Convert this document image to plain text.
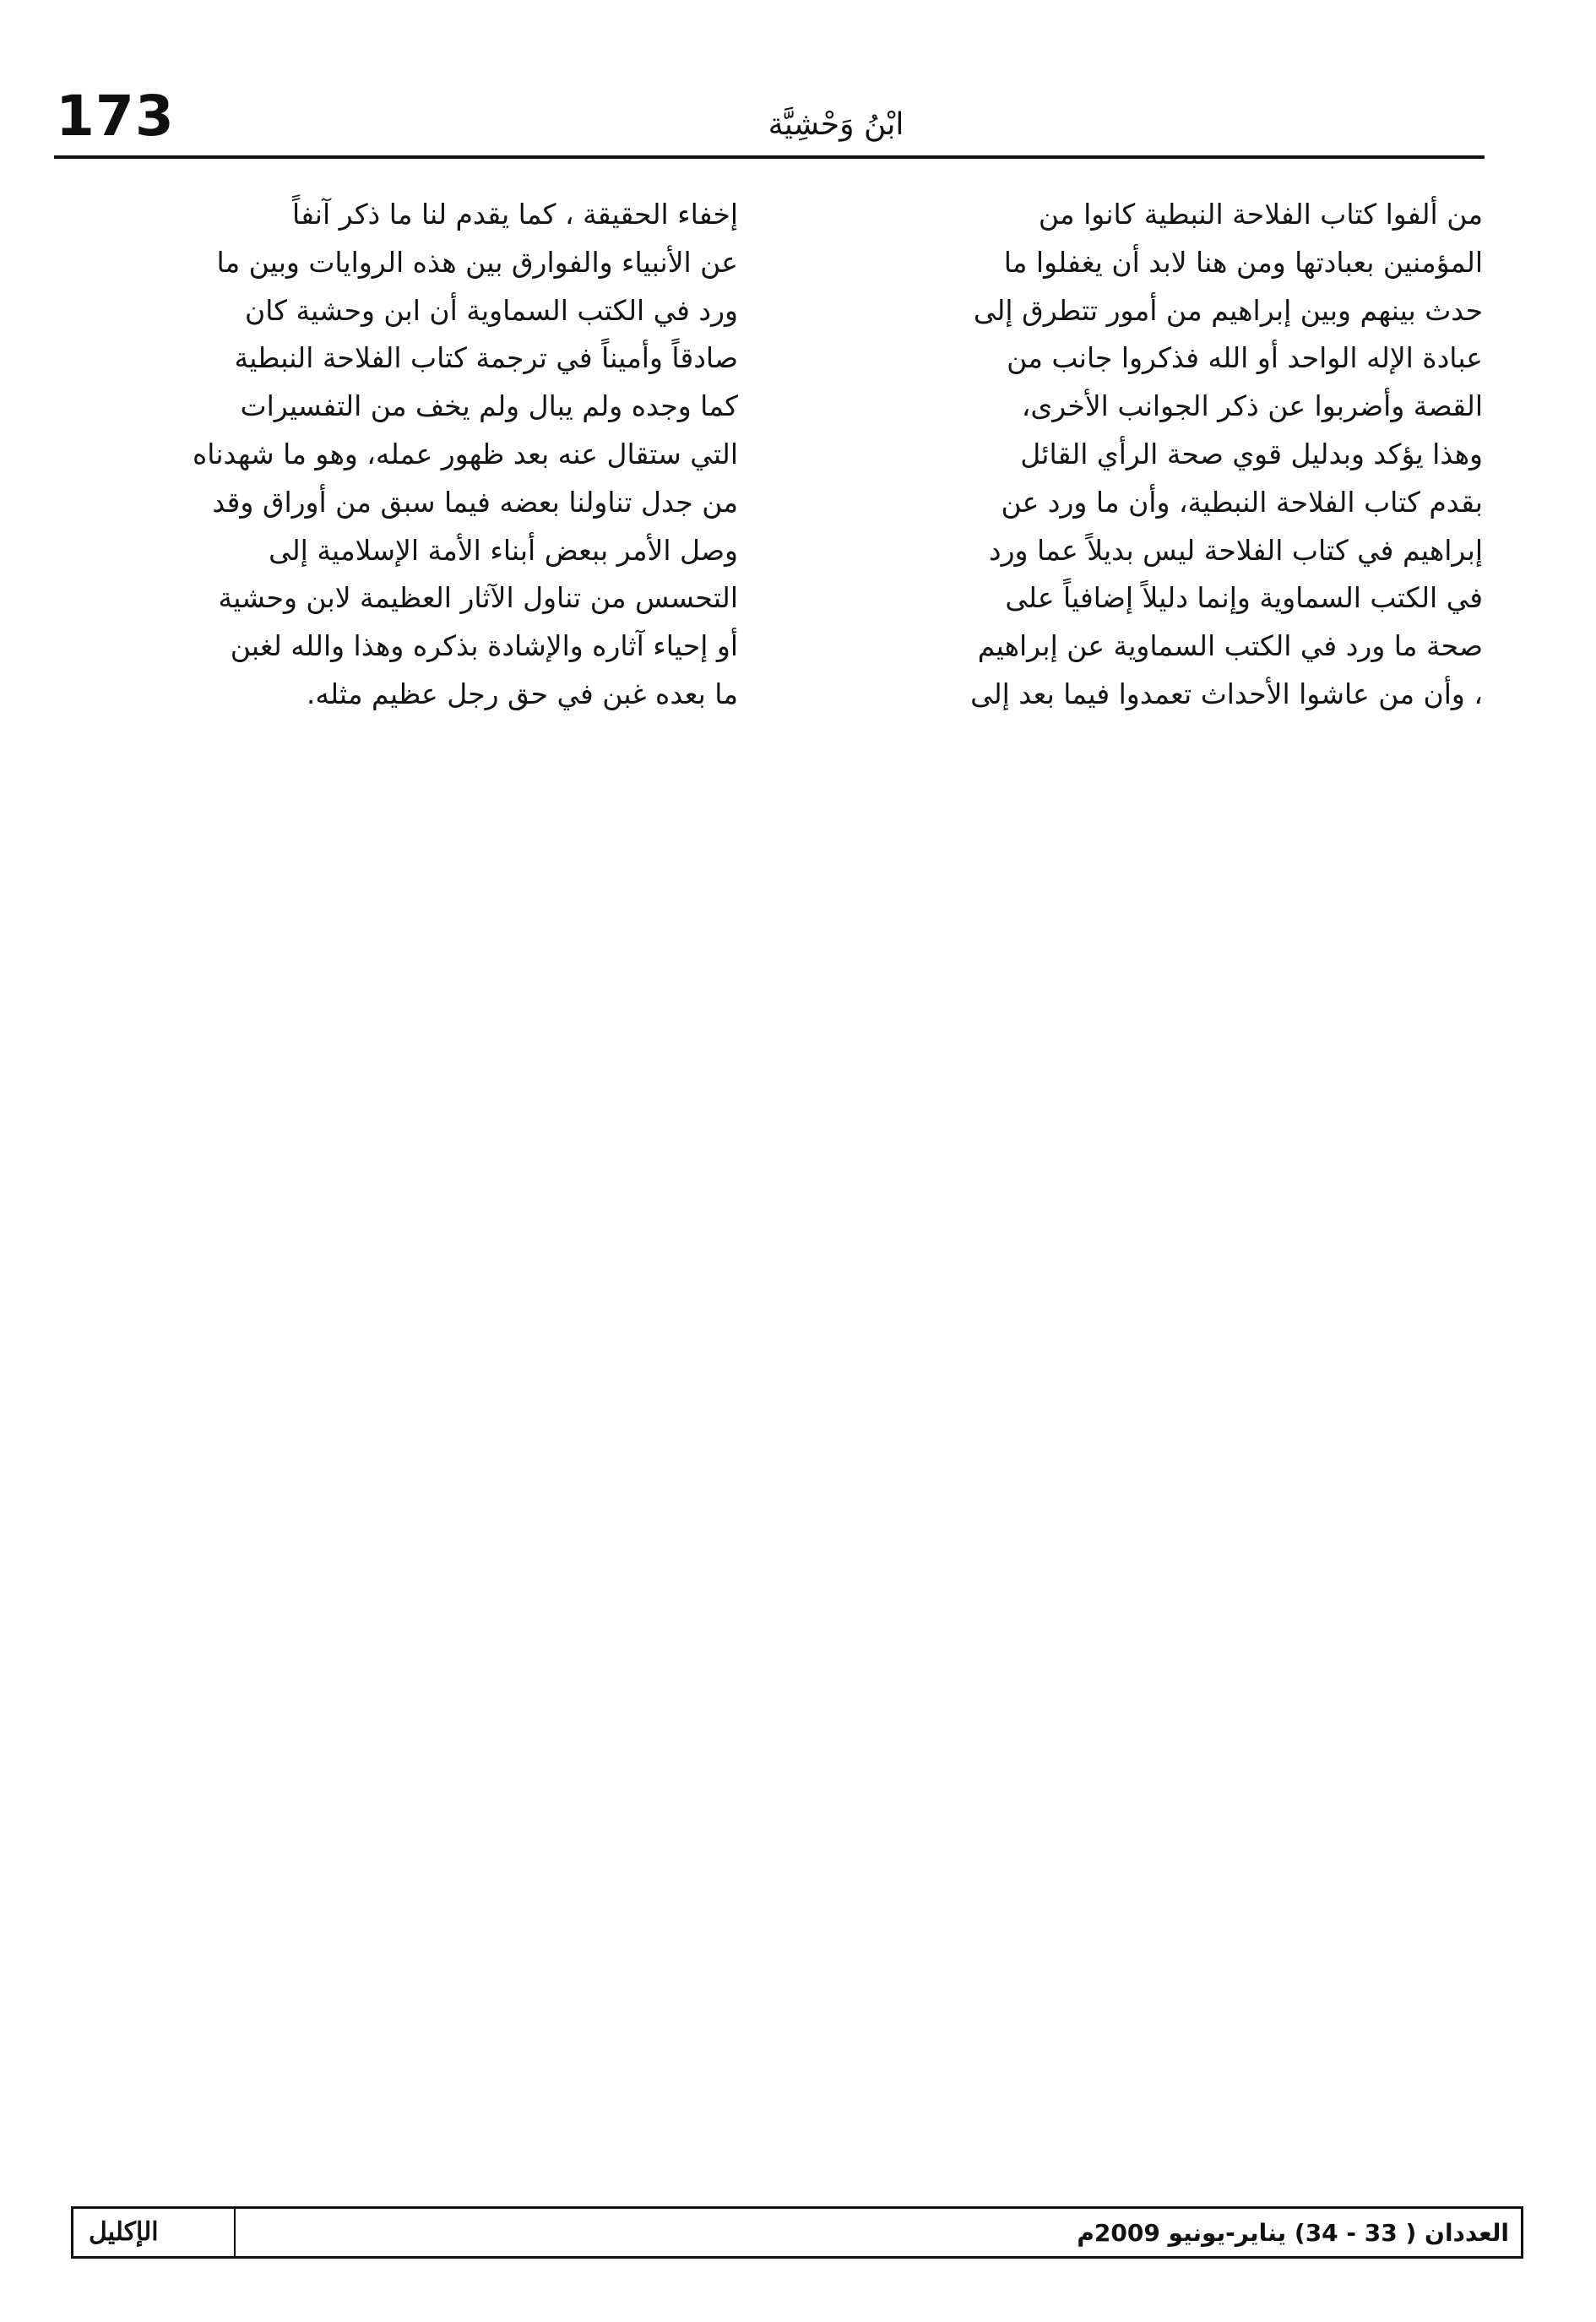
173	ابْنُ وَحْشِيَّة
من ألفوا كتاب الفلاحة النبطية كانوا من
المؤمنين بعبادتها ومن هنا لابد أن يغفلوا ما
حدث بينهم وبين إبراهيم من أمور تتطرق إلى
عبادة الإله الواحد أو الله فذكروا جانب من
القصة وأضربوا عن ذكر الجوانب الأخرى،
وهذا يؤكد وبدليل قوي صحة الرأي القائل
بقدم كتاب الفلاحة النبطية، وأن ما ورد عن
إبراهيم في كتاب الفلاحة ليس بديلاً عما ورد
في الكتب السماوية وإنما دليلاً إضافياً على
صحة ما ورد في الكتب السماوية عن إبراهيم
، وأن من عاشوا الأحداث تعمدوا فيما بعد إلى
إخفاء الحقيقة ، كما يقدم لنا ما ذكر آنفاً
عن الأنبياء والفوارق بين هذه الروايات وبين ما
ورد في الكتب السماوية أن ابن وحشية كان
صادقاً وأميناً في ترجمة كتاب الفلاحة النبطية
كما وجده ولم يبال ولم يخف من التفسيرات
التي ستقال عنه بعد ظهور عمله، وهو ما شهدناه
من جدل تناولنا بعضه فيما سبق من أوراق وقد
وصل الأمر ببعض أبناء الأمة الإسلامية إلى
التحسس من تناول الآثار العظيمة لابن وحشية
أو إحياء آثاره والإشادة بذكره وهذا والله لغبن
ما بعده غبن في حق رجل عظيم مثله.
العددان ( 33 - 34) يناير-يونيو 2009م
الإكليل
